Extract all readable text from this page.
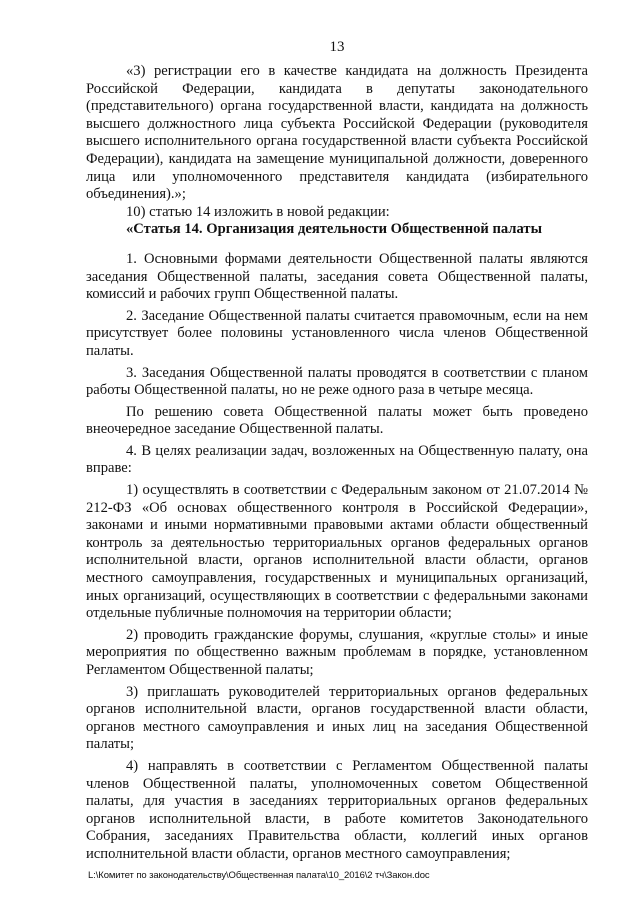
13

«3) регистрации его в качестве кандидата на должность Президента Российской Федерации, кандидата в депутаты законодательного (представительного) органа государственной власти, кандидата на должность высшего должностного лица субъекта Российской Федерации (руководителя высшего исполнительного органа государственной власти субъекта Российской Федерации), кандидата на замещение муниципальной должности, доверенного лица или уполномоченного представителя кандидата (избирательного объединения).»;

10) статью 14 изложить в новой редакции:

«Статья 14. Организация деятельности Общественной палаты

1. Основными формами деятельности Общественной палаты являются заседания Общественной палаты, заседания совета Общественной палаты, комиссий и рабочих групп Общественной палаты.

2. Заседание Общественной палаты считается правомочным, если на нем присутствует более половины установленного числа членов Общественной палаты.

3. Заседания Общественной палаты проводятся в соответствии с планом работы Общественной палаты, но не реже одного раза в четыре месяца.

По решению совета Общественной палаты может быть проведено внеочередное заседание Общественной палаты.

4. В целях реализации задач, возложенных на Общественную палату, она вправе:

1) осуществлять в соответствии с Федеральным законом от 21.07.2014 № 212-ФЗ «Об основах общественного контроля в Российской Федерации», законами и иными нормативными правовыми актами области общественный контроль за деятельностью территориальных органов федеральных органов исполнительной власти, органов исполнительной власти области, органов местного самоуправления, государственных и муниципальных организаций, иных организаций, осуществляющих в соответствии с федеральными законами отдельные публичные полномочия на территории области;

2) проводить гражданские форумы, слушания, «круглые столы» и иные мероприятия по общественно важным проблемам в порядке, установленном Регламентом Общественной палаты;

3) приглашать руководителей территориальных органов федеральных органов исполнительной власти, органов государственной власти области, органов местного самоуправления и иных лиц на заседания Общественной палаты;

4) направлять в соответствии с Регламентом Общественной палаты членов Общественной палаты, уполномоченных советом Общественной палаты, для участия в заседаниях территориальных органов федеральных органов исполнительной власти, в работе комитетов Законодательного Собрания, заседаниях Правительства области, коллегий иных органов исполнительной власти области, органов местного самоуправления;

L:\Комитет по законодательству\Общественная палата\10_2016\2 тч\Закон.doc
